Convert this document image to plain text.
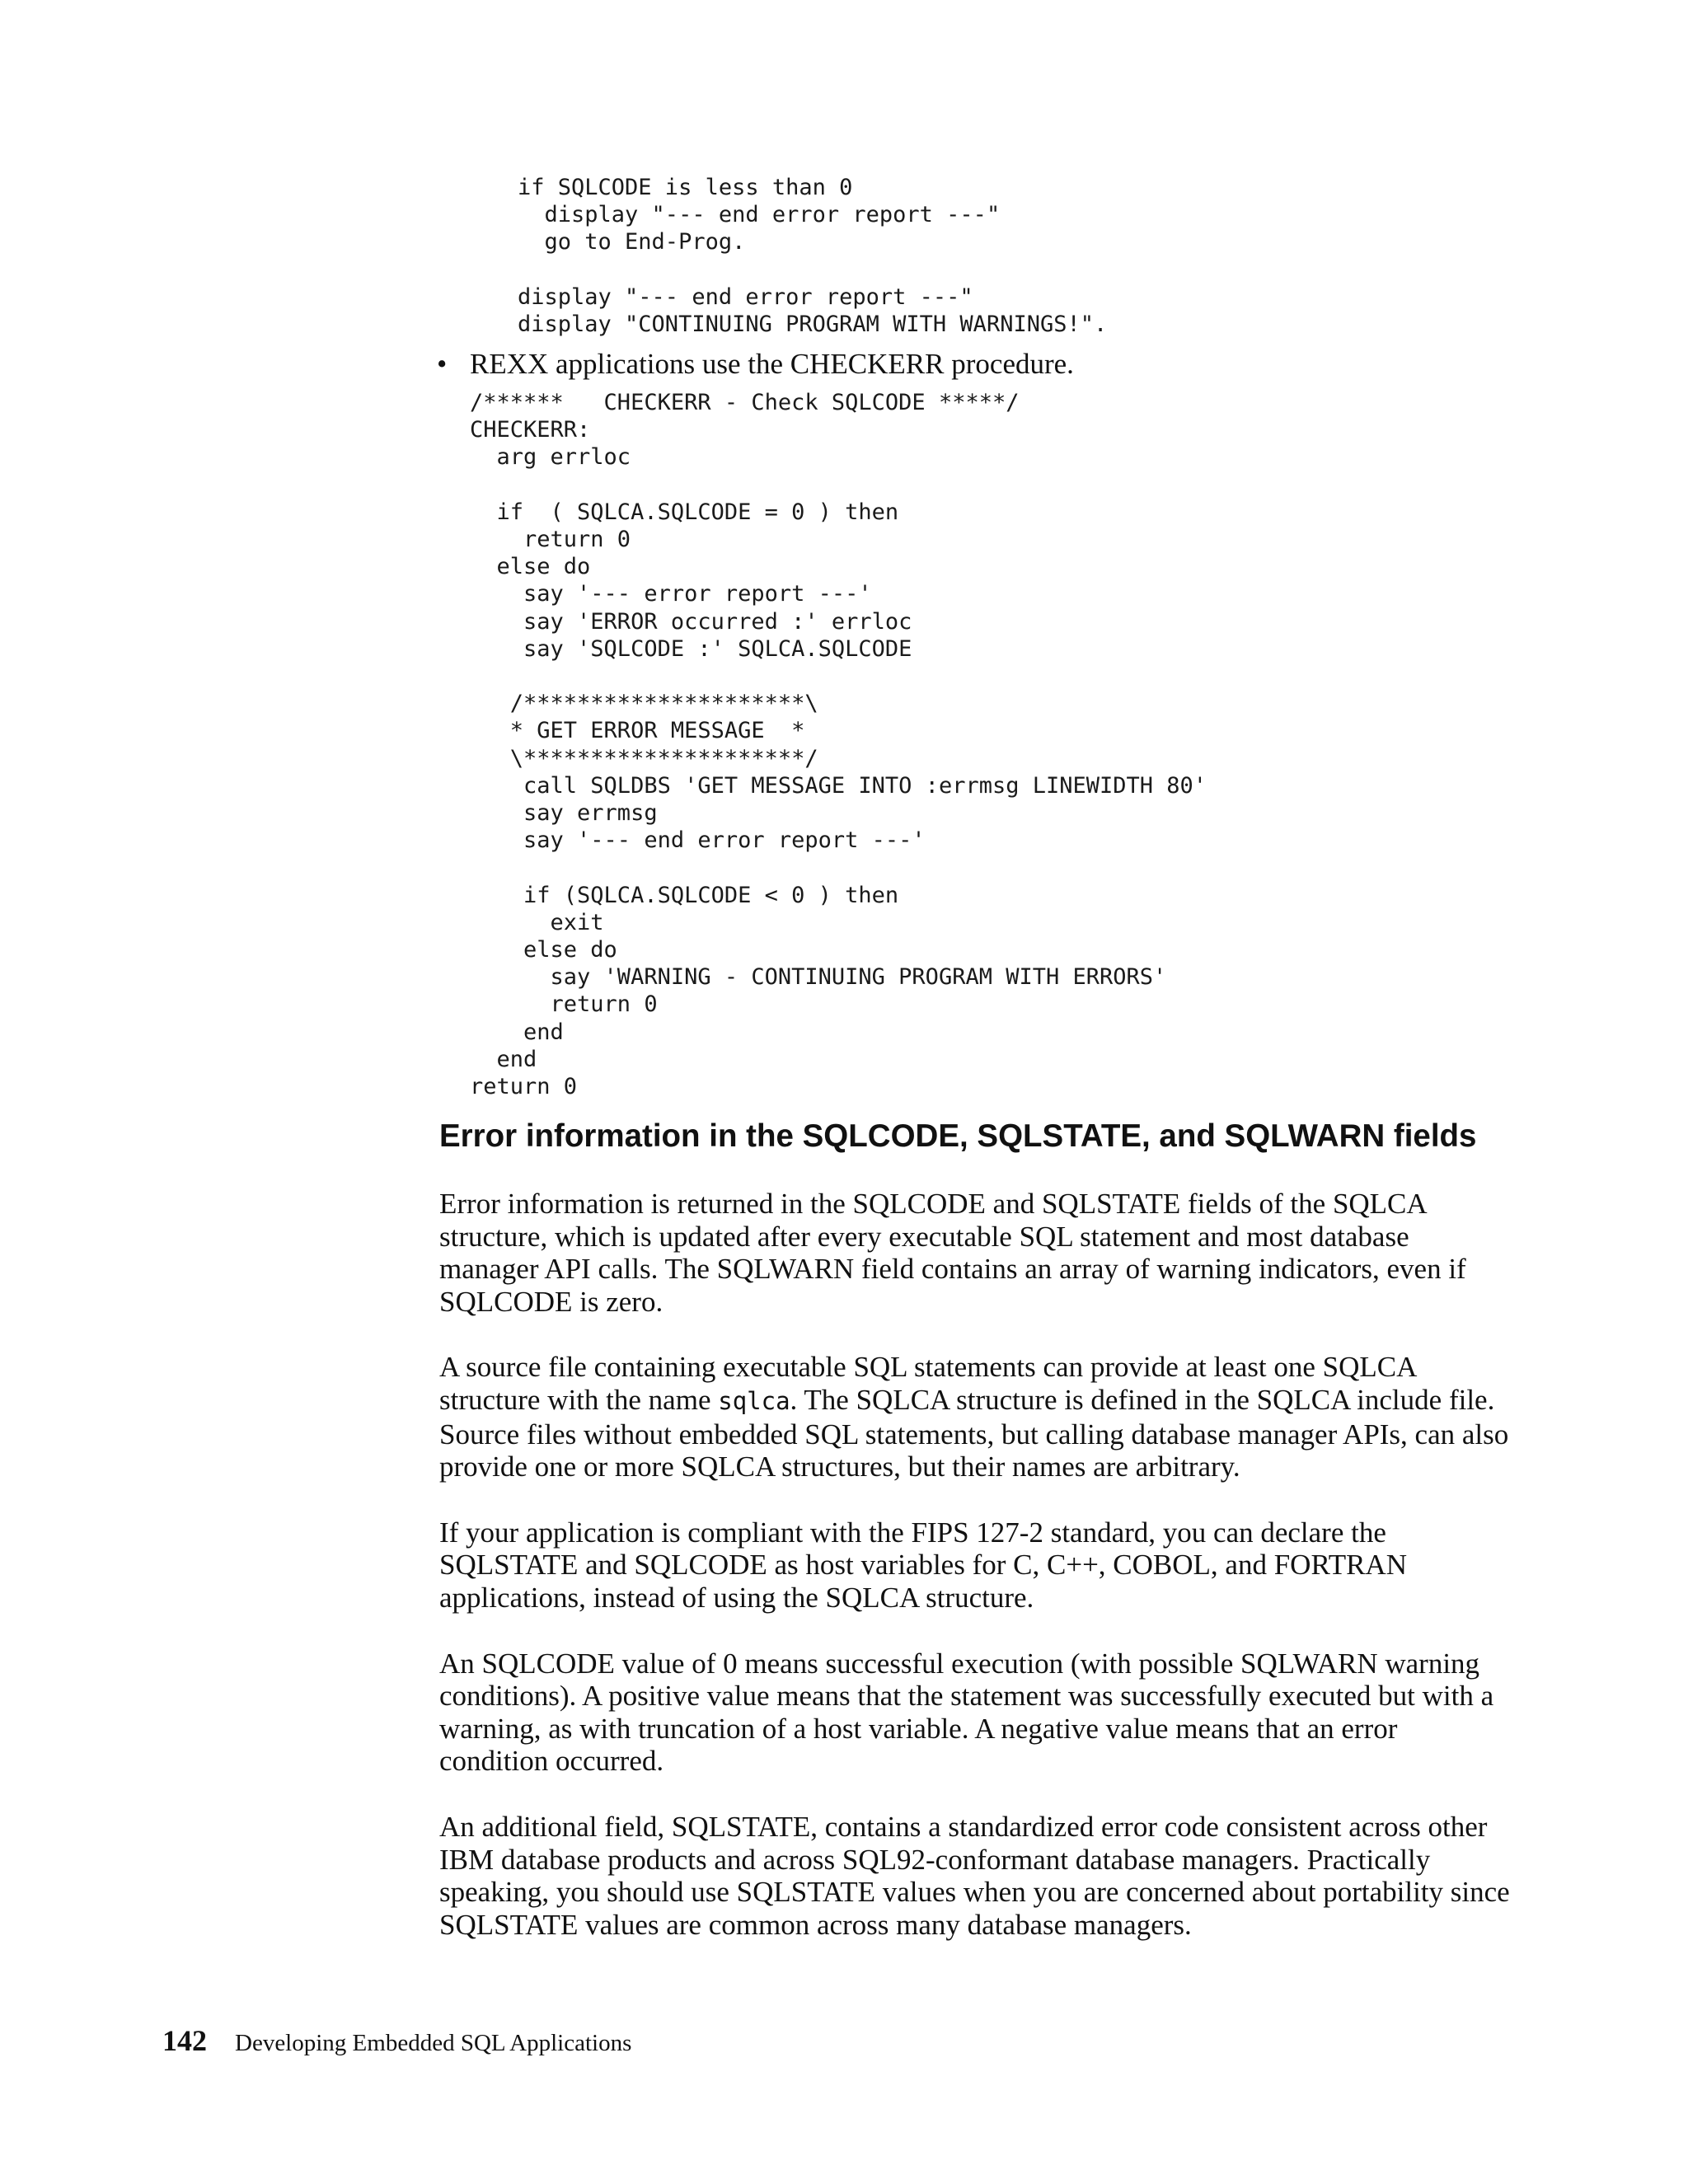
if SQLCODE is less than 0
display "--- end error report ---"
go to End-Prog.

display "--- end error report ---"
display "CONTINUING PROGRAM WITH WARNINGS!".
• REXX applications use the CHECKERR procedure.
/******   CHECKERR - Check SQLCODE *****/
CHECKERR:
arg errloc

if  ( SQLCA.SQLCODE = 0 ) then
return 0
else do
say '--- error report ---'
say 'ERROR occurred :' errloc
say 'SQLCODE :' SQLCA.SQLCODE

/*********************\
* GET ERROR MESSAGE  *
\*********************/
call SQLDBS 'GET MESSAGE INTO :errmsg LINEWIDTH 80'
say errmsg
say '--- end error report ---'

if (SQLCA.SQLCODE < 0 ) then
exit
else do
say 'WARNING - CONTINUING PROGRAM WITH ERRORS'
return 0
end
end
return 0
Error information in the SQLCODE, SQLSTATE, and SQLWARN fields

Error information is returned in the SQLCODE and SQLSTATE fields of the SQLCA structure, which is updated after every executable SQL statement and most database manager API calls. The SQLWARN field contains an array of warning indicators, even if SQLCODE is zero.

A source file containing executable SQL statements can provide at least one SQLCA structure with the name sqlca. The SQLCA structure is defined in the SQLCA include file. Source files without embedded SQL statements, but calling database manager APIs, can also provide one or more SQLCA structures, but their names are arbitrary.

If your application is compliant with the FIPS 127-2 standard, you can declare the SQLSTATE and SQLCODE as host variables for C, C++, COBOL, and FORTRAN applications, instead of using the SQLCA structure.

An SQLCODE value of 0 means successful execution (with possible SQLWARN warning conditions). A positive value means that the statement was successfully executed but with a warning, as with truncation of a host variable. A negative value means that an error condition occurred.

An additional field, SQLSTATE, contains a standardized error code consistent across other IBM database products and across SQL92-conformant database managers. Practically speaking, you should use SQLSTATE values when you are concerned about portability since SQLSTATE values are common across many database managers.

142 Developing Embedded SQL Applications
